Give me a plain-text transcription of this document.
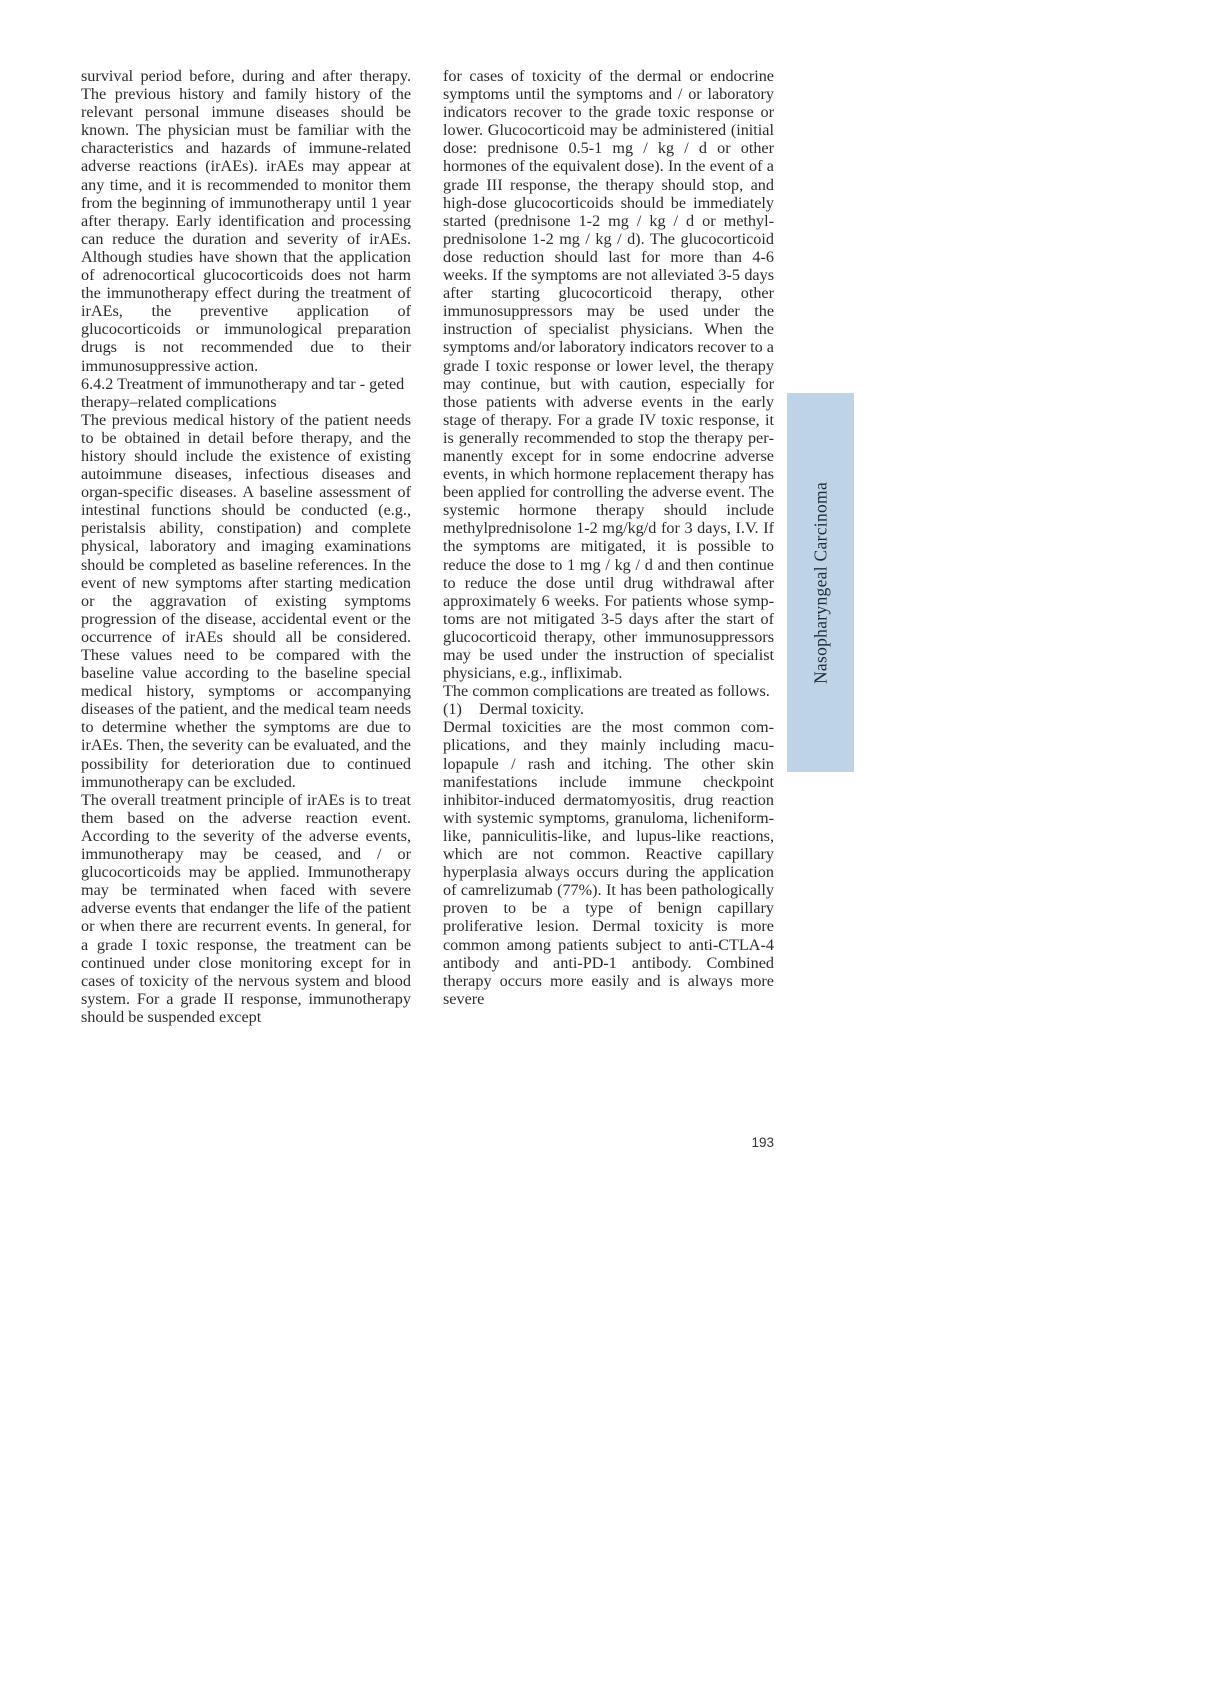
survival period before, during and after therapy. The previous history and family history of the relevant personal immune diseases should be known. The physician must be familiar with the characteristics and hazards of immune-related adverse reactions (irAEs). irAEs may appear at any time, and it is recommended to monitor them from the beginning of immunotherapy until 1 year after therapy. Early identification and processing can reduce the duration and severity of irAEs. Although studies have shown that the application of adrenocortical glucocorticoids does not harm the immunotherapy effect during the treatment of irAEs, the preventive application of glucocorticoids or immunological preparation drugs is not recommended due to their immunosuppressive action.

6.4.2 Treatment of immunotherapy and tar - geted therapy–related complications

The previous medical history of the patient needs to be obtained in detail before therapy, and the history should include the existence of existing autoimmune diseases, infectious diseases and organ-specific diseases. A baseline assessment of intestinal functions should be conducted (e.g., peristalsis ability, constipation) and complete physical, laboratory and imaging examinations should be completed as baseline references. In the event of new symptoms after starting medication or the aggravation of existing symptoms progression of the disease, accidental event or the occurrence of irAEs should all be considered. These values need to be compared with the baseline value according to the baseline special medical history, symptoms or accompanying diseases of the patient, and the medical team needs to determine whether the symptoms are due to irAEs. Then, the severity can be evaluated, and the possibility for deterioration due to continued immunotherapy can be excluded.

The overall treatment principle of irAEs is to treat them based on the adverse reaction event. According to the severity of the adverse events, immunotherapy may be ceased, and / or glucocorticoids may be applied. Immunotherapy may be terminated when faced with severe adverse events that endanger the life of the patient or when there are recurrent events. In general, for a grade I toxic response, the treatment can be continued under close monitoring except for in cases of toxicity of the nervous system and blood system. For a grade II response, immunotherapy should be suspended except

for cases of toxicity of the dermal or endocrine symptoms until the symptoms and / or laboratory indicators recover to the grade toxic response or lower. Glucocorticoid may be administered (initial dose: prednisone 0.5-1 mg / kg / d or other hormones of the equivalent dose). In the event of a grade III response, the therapy should stop, and high-dose glucocorticoids should be immediately started (prednisone 1-2 mg / kg / d or methylprednisolone 1-2 mg / kg / d). The glucocorticoid dose reduction should last for more than 4-6 weeks. If the symptoms are not alleviated 3-5 days after starting glucocorticoid therapy, other immunosuppressors may be used under the instruction of specialist physicians. When the symptoms and/or laboratory indicators recover to a grade I toxic response or lower level, the therapy may continue, but with caution, especially for those patients with adverse events in the early stage of therapy. For a grade IV toxic response, it is generally recommended to stop the therapy permanently except for in some endocrine adverse events, in which hormone replacement therapy has been applied for controlling the adverse event. The systemic hormone therapy should include methylprednisolone 1-2 mg/kg/d for 3 days, I.V. If the symptoms are mitigated, it is possible to reduce the dose to 1 mg / kg / d and then continue to reduce the dose until drug withdrawal after approximately 6 weeks. For patients whose symptoms are not mitigated 3-5 days after the start of glucocorticoid therapy, other immunosuppressors may be used under the instruction of specialist physicians, e.g., infliximab.

The common complications are treated as follows.

(1) Dermal toxicity.

Dermal toxicities are the most common complications, and they mainly including maculopapule / rash and itching. The other skin manifestations include immune checkpoint inhibitor-induced dermatomyositis, drug reaction with systemic symptoms, granuloma, licheniform-like, panniculitis-like, and lupus-like reactions, which are not common. Reactive capillary hyperplasia always occurs during the application of camrelizumab (77%). It has been pathologically proven to be a type of benign capillary proliferative lesion. Dermal toxicity is more common among patients subject to anti-CTLA-4 antibody and anti-PD-1 antibody. Combined therapy occurs more easily and is always more severe

Nasopharyngeal Carcinoma
193
